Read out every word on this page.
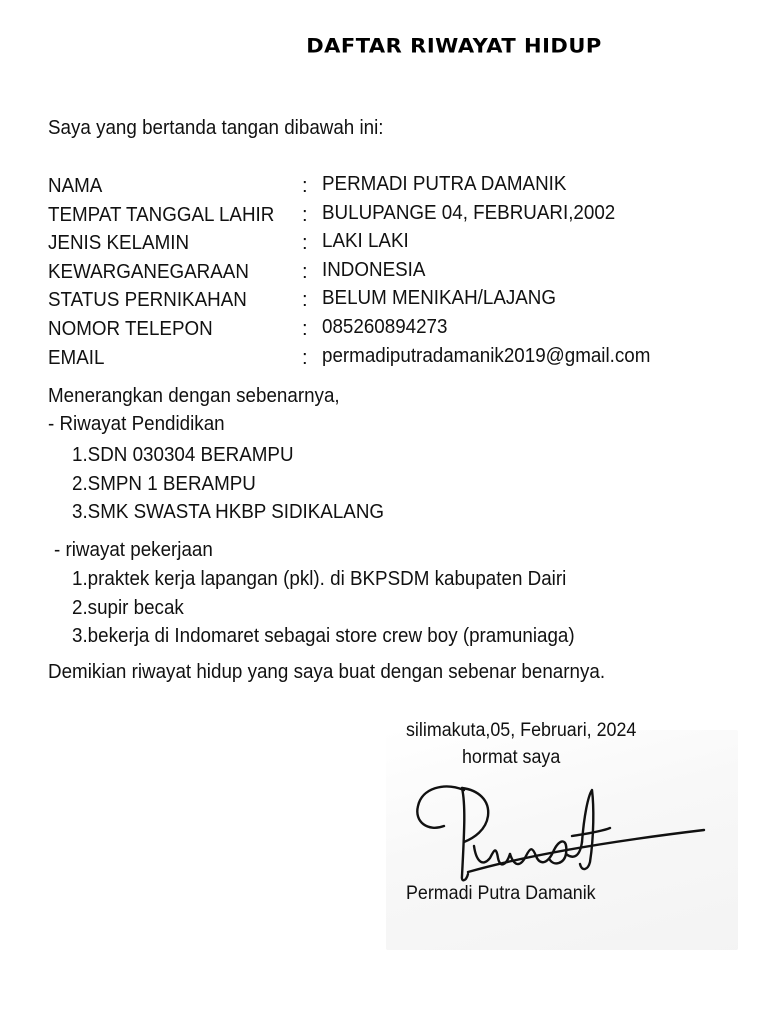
DAFTAR RIWAYAT HIDUP
Saya yang bertanda tangan dibawah ini:
NAMA	: PERMADI PUTRA DAMANIK
TEMPAT TANGGAL LAHIR : BULUPANGE 04, FEBRUARI,2002
JENIS KELAMIN	: LAKI LAKI
KEWARGANEGARAAN	: INDONESIA
STATUS PERNIKAHAN	: BELUM MENIKAH/LAJANG
NOMOR TELEPON	: 085260894273
EMAIL	: permadiputradamanik2019@gmail.com
Menerangkan dengan sebenarnya,
- Riwayat Pendidikan
1.SDN 030304 BERAMPU
2.SMPN 1 BERAMPU
3.SMK SWASTA HKBP SIDIKALANG
- riwayat pekerjaan
1.praktek kerja lapangan (pkl). di BKPSDM kabupaten Dairi
2.supir becak
3.bekerja di Indomaret sebagai store crew boy (pramuniaga)
Demikian riwayat hidup yang saya buat dengan sebenar benarnya.
silimakuta,05, Februari, 2024
hormat saya
Permadi Putra Damanik
